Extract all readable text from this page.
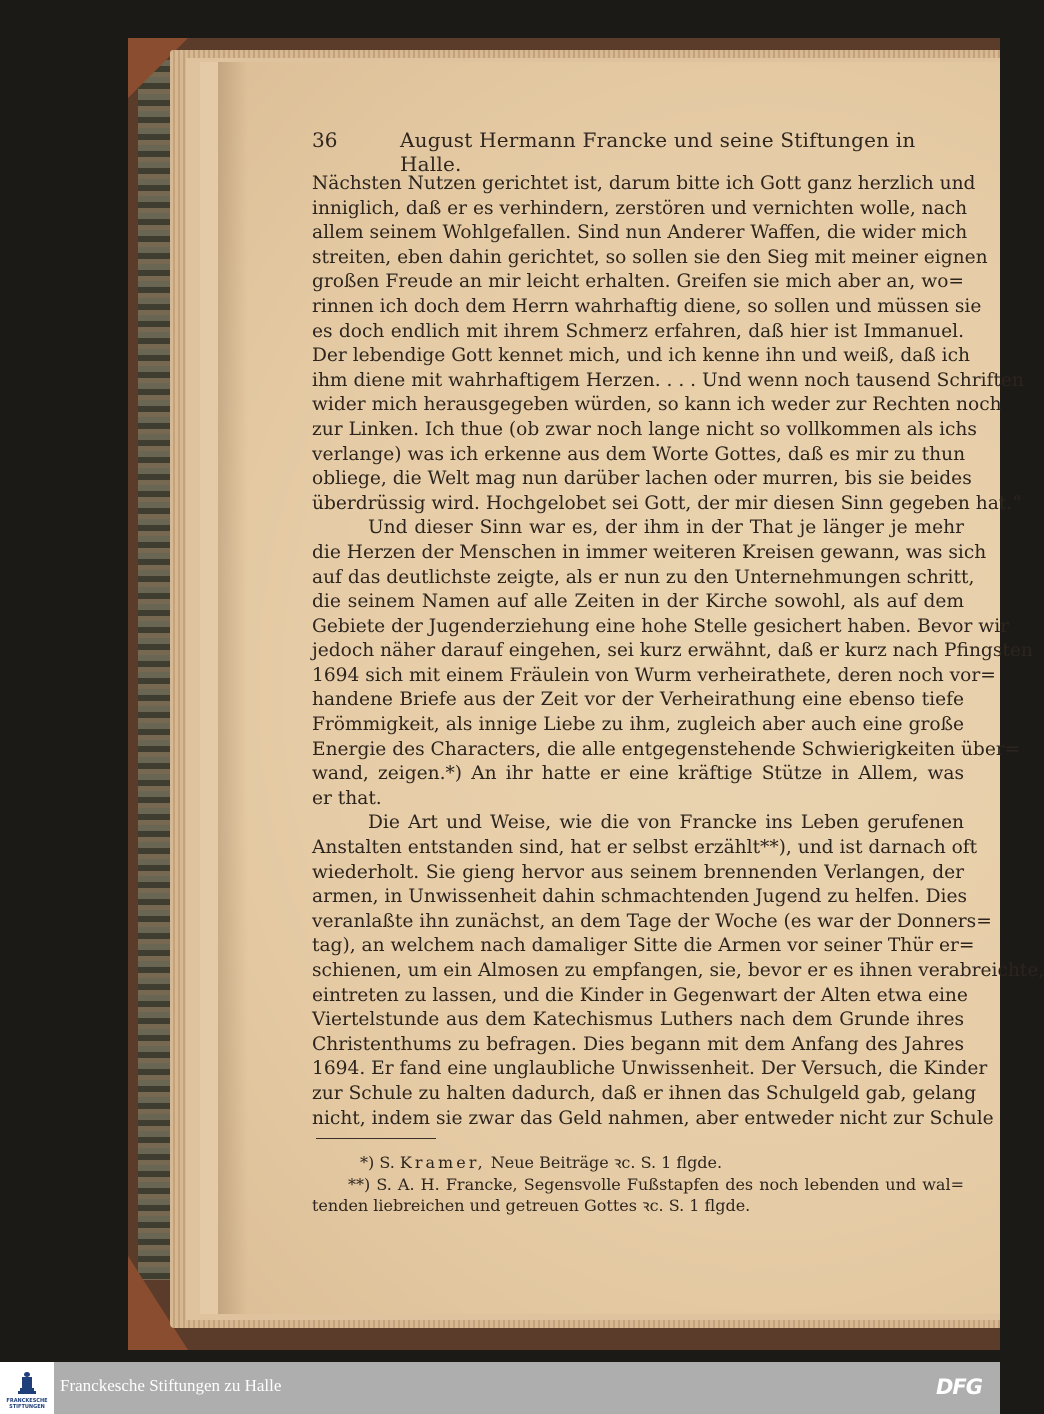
36	August Hermann Francke und seine Stiftungen in Halle.
Nächsten Nutzen gerichtet ist, darum bitte ich Gott ganz herzlich und
inniglich, daß er es verhindern, zerstören und vernichten wolle, nach
allem seinem Wohlgefallen. Sind nun Anderer Waffen, die wider mich
streiten, eben dahin gerichtet, so sollen sie den Sieg mit meiner eignen
großen Freude an mir leicht erhalten. Greifen sie mich aber an, wo=
rinnen ich doch dem Herrn wahrhaftig diene, so sollen und müssen sie
es doch endlich mit ihrem Schmerz erfahren, daß hier ist Immanuel.
Der lebendige Gott kennet mich, und ich kenne ihn und weiß, daß ich
ihm diene mit wahrhaftigem Herzen. . . . Und wenn noch tausend Schriften
wider mich herausgegeben würden, so kann ich weder zur Rechten noch
zur Linken. Ich thue (ob zwar noch lange nicht so vollkommen als ichs
verlange) was ich erkenne aus dem Worte Gottes, daß es mir zu thun
obliege, die Welt mag nun darüber lachen oder murren, bis sie beides
überdrüssig wird. Hochgelobet sei Gott, der mir diesen Sinn gegeben hat.“
Und dieser Sinn war es, der ihm in der That je länger je mehr
die Herzen der Menschen in immer weiteren Kreisen gewann, was sich
auf das deutlichste zeigte, als er nun zu den Unternehmungen schritt,
die seinem Namen auf alle Zeiten in der Kirche sowohl, als auf dem
Gebiete der Jugenderziehung eine hohe Stelle gesichert haben. Bevor wir
jedoch näher darauf eingehen, sei kurz erwähnt, daß er kurz nach Pfingsten
1694 sich mit einem Fräulein von Wurm verheirathete, deren noch vor=
handene Briefe aus der Zeit vor der Verheirathung eine ebenso tiefe
Frömmigkeit, als innige Liebe zu ihm, zugleich aber auch eine große
Energie des Characters, die alle entgegenstehende Schwierigkeiten über=
wand, zeigen.*) An ihr hatte er eine kräftige Stütze in Allem, was
er that.
Die Art und Weise, wie die von Francke ins Leben gerufenen
Anstalten entstanden sind, hat er selbst erzählt**), und ist darnach oft
wiederholt. Sie gieng hervor aus seinem brennenden Verlangen, der
armen, in Unwissenheit dahin schmachtenden Jugend zu helfen. Dies
veranlaßte ihn zunächst, an dem Tage der Woche (es war der Donners=
tag), an welchem nach damaliger Sitte die Armen vor seiner Thür er=
schienen, um ein Almosen zu empfangen, sie, bevor er es ihnen verabreichte,
eintreten zu lassen, und die Kinder in Gegenwart der Alten etwa eine
Viertelstunde aus dem Katechismus Luthers nach dem Grunde ihres
Christenthums zu befragen. Dies begann mit dem Anfang des Jahres
1694. Er fand eine unglaubliche Unwissenheit. Der Versuch, die Kinder
zur Schule zu halten dadurch, daß er ihnen das Schulgeld gab, gelang
nicht, indem sie zwar das Geld nahmen, aber entweder nicht zur Schule
*) S. Kramer, Neue Beiträge ꝛc. S. 1 flgde.
**) S. A. H. Francke, Segensvolle Fußstapfen des noch lebenden und wal=
tenden liebreichen und getreuen Gottes ꝛc. S. 1 flgde.
FRANCKESCHE
STIFTUNGEN
Franckesche Stiftungen zu Halle	DFG
